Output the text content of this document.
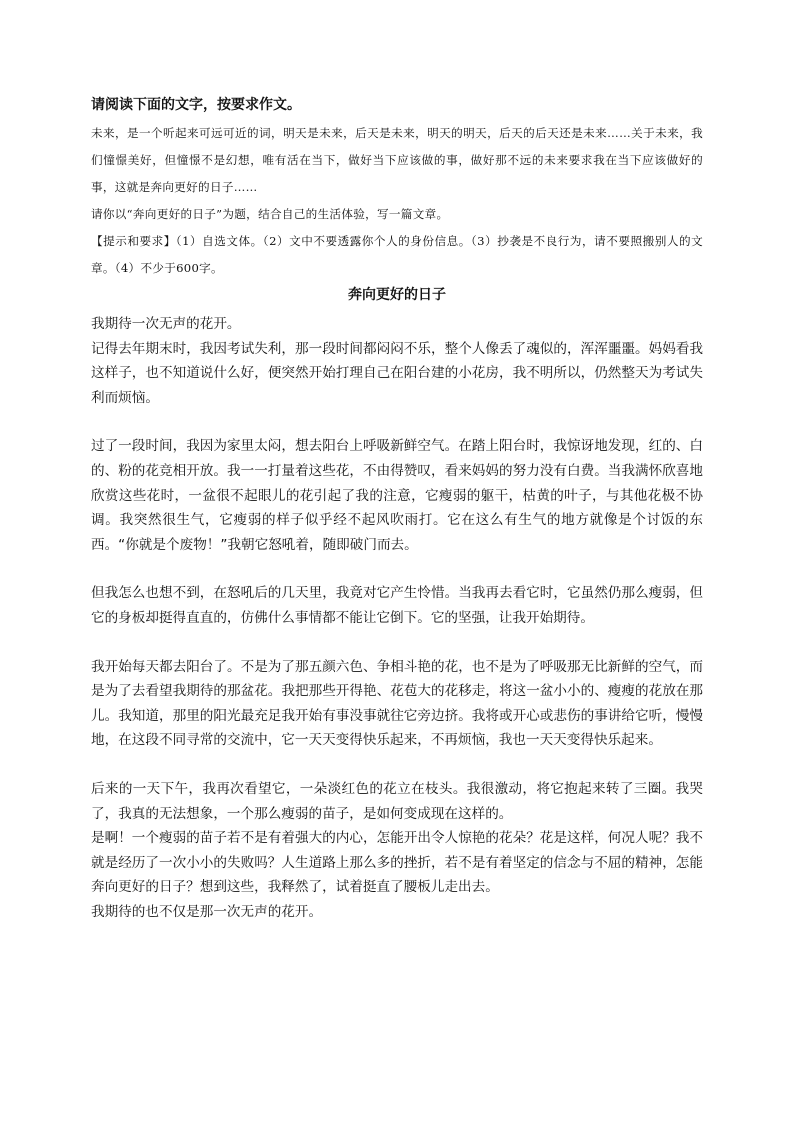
请阅读下面的文字，按要求作文。

未来，是一个听起来可远可近的词，明天是未来，后天是未来，明天的明天，后天的后天还是未来……关于未来，我们憧憬美好，但憧憬不是幻想，唯有活在当下，做好当下应该做的事，做好那不远的未来要求我在当下应该做好的事，这就是奔向更好的日子……

请你以“奔向更好的日子”为题，结合自己的生活体验，写一篇文章。

【提示和要求】（1）自选文体。（2）文中不要透露你个人的身份信息。（3）抄袭是不良行为，请不要照搬别人的文章。（4）不少于600字。

奔向更好的日子

我期待一次无声的花开。

记得去年期末时，我因考试失利，那一段时间都闷闷不乐，整个人像丢了魂似的，浑浑噩噩。妈妈看我这样子，也不知道说什么好，便突然开始打理自己在阳台建的小花房，我不明所以，仍然整天为考试失利而烦恼。

过了一段时间，我因为家里太闷，想去阳台上呼吸新鲜空气。在踏上阳台时，我惊讶地发现，红的、白的、粉的花竞相开放。我一一打量着这些花，不由得赞叹，看来妈妈的努力没有白费。当我满怀欣喜地欣赏这些花时，一盆很不起眼儿的花引起了我的注意，它瘦弱的躯干，枯黄的叶子，与其他花极不协调。我突然很生气，它瘦弱的样子似乎经不起风吹雨打。它在这么有生气的地方就像是个讨饭的东西。“你就是个废物！”我朝它怒吼着，随即破门而去。

但我怎么也想不到，在怒吼后的几天里，我竟对它产生怜惜。当我再去看它时，它虽然仍那么瘦弱，但它的身板却挺得直直的，仿佛什么事情都不能让它倒下。它的坚强，让我开始期待。

我开始每天都去阳台了。不是为了那五颜六色、争相斗艳的花，也不是为了呼吸那无比新鲜的空气，而是为了去看望我期待的那盆花。我把那些开得艳、花苞大的花移走，将这一盆小小的、瘦瘦的花放在那儿。我知道，那里的阳光最充足我开始有事没事就往它旁边挤。我将或开心或悲伤的事讲给它听，慢慢地，在这段不同寻常的交流中，它一天天变得快乐起来，不再烦恼，我也一天天变得快乐起来。

后来的一天下午，我再次看望它，一朵淡红色的花立在枝头。我很激动，将它抱起来转了三圈。我哭了，我真的无法想象，一个那么瘦弱的苗子，是如何变成现在这样的。

是啊！一个瘦弱的苗子若不是有着强大的内心，怎能开出令人惊艳的花朵？花是这样，何况人呢？我不就是经历了一次小小的失败吗？人生道路上那么多的挫折，若不是有着坚定的信念与不屈的精神，怎能奔向更好的日子？想到这些，我释然了，试着挺直了腰板儿走出去。

我期待的也不仅是那一次无声的花开。
